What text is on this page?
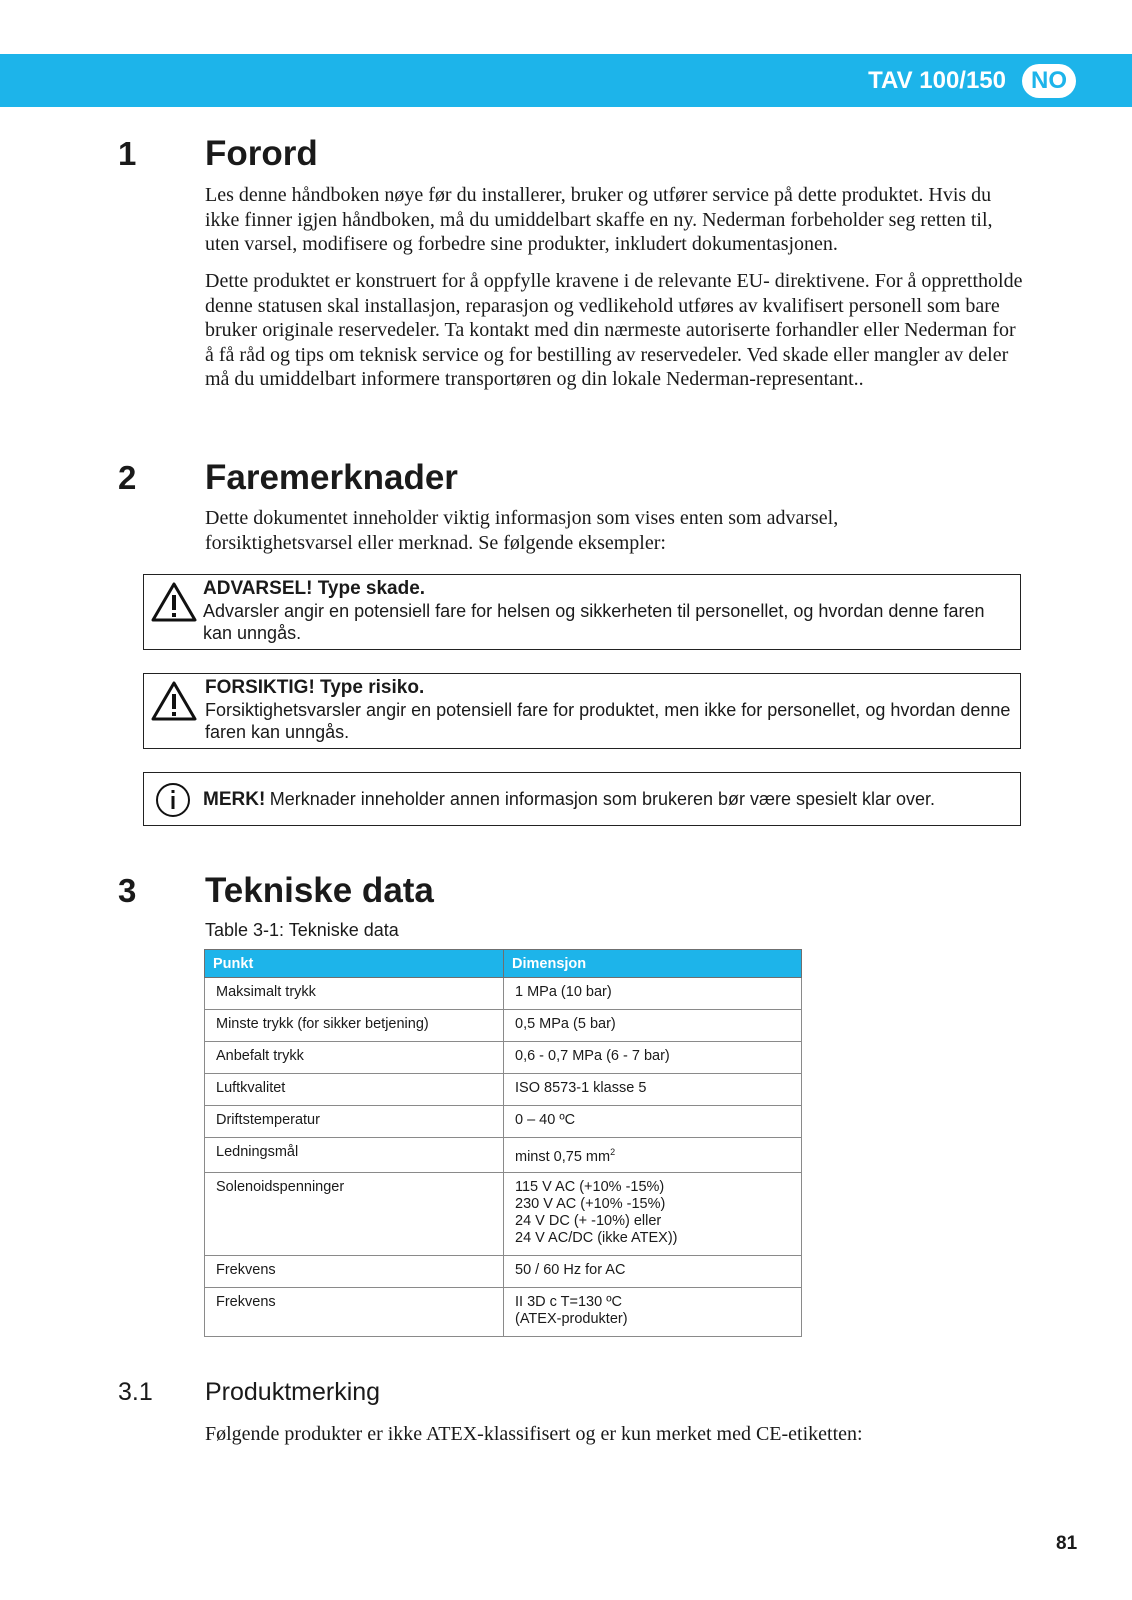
TAV 100/150	NO
1 Forord

Les denne håndboken nøye før du installerer, bruker og utfører service på dette produktet. Hvis du ikke finner igjen håndboken, må du umiddelbart skaffe en ny. Nederman forbeholder seg retten til, uten varsel, modifisere og forbedre sine produkter, inkludert dokumentasjonen.

Dette produktet er konstruert for å oppfylle kravene i de relevante EU- direktivene. For å opprettholde denne statusen skal installasjon, reparasjon og vedlikehold utføres av kvalifisert personell som bare bruker originale reservedeler. Ta kontakt med din nærmeste autoriserte forhandler eller Nederman for å få råd og tips om teknisk service og for bestilling av reservedeler. Ved skade eller mangler av deler må du umiddelbart informere transportøren og din lokale Nederman-representant..

2 Faremerknader

Dette dokumentet inneholder viktig informasjon som vises enten som advarsel, forsiktighetsvarsel eller merknad. Se følgende eksempler:

ADVARSEL! Type skade.
Advarsler angir en potensiell fare for helsen og sikkerheten til personellet, og hvordan denne faren kan unngås.
FORSIKTIG! Type risiko.
Forsiktighetsvarsler angir en potensiell fare for produktet, men ikke for personellet, og hvordan denne faren kan unngås.
MERK! Merknader inneholder annen informasjon som brukeren bør være spesielt klar over.
3 Tekniske data
Table 3-1: Tekniske data
Punkt	Dimensjon
Maksimalt trykk	1 MPa (10 bar)
Minste trykk (for sikker betjening)	0,5 MPa (5 bar)
Anbefalt trykk	0,6 - 0,7 MPa (6 - 7 bar)
Luftkvalitet	ISO 8573-1 klasse 5
Driftstemperatur	0 – 40 ºC
Ledningsmål	minst 0,75 $mm^2$
Solenoidspenninger	115 V AC (+10% -15%)
230 V AC (+10% -15%)
24 V DC (+ -10%) eller
24 V AC/DC (ikke ATEX))

Frekvens	50 / 60 Hz for AC
Frekvens	II 3D c T=130 ºC
(ATEX-produkter)
3.1 Produktmerking

Følgende produkter er ikke ATEX-klassifisert og er kun merket med CE-etiketten:

81
